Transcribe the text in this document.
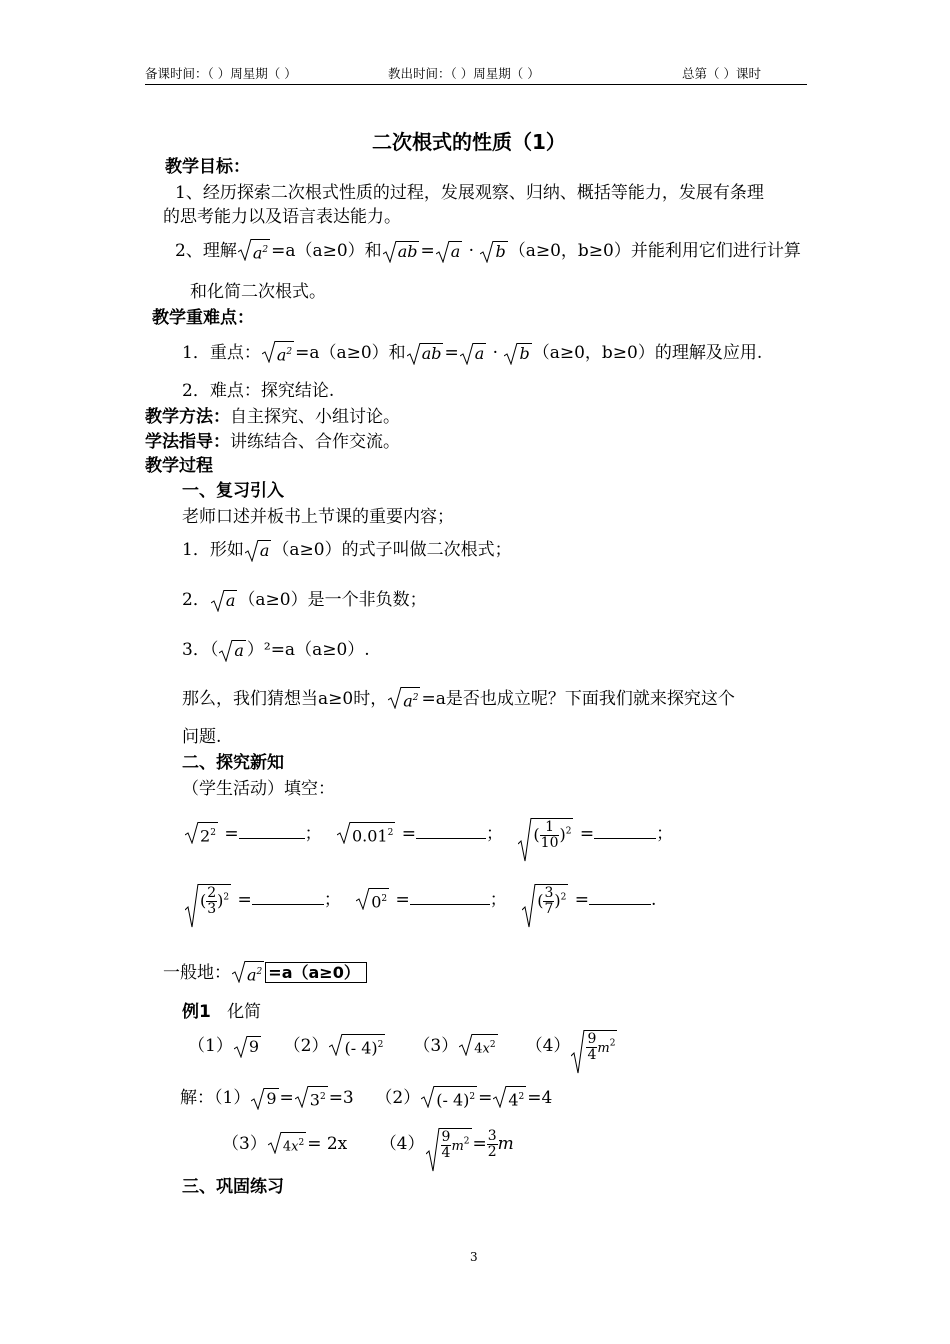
备课时间：（ ）周星期（ ）	教出时间：（ ）周星期（ ）	总第（ ）课时
二次根式的性质（1）
教学目标：
1、经历探索二次根式性质的过程，发展观察、归纳、概括等能力，发展有条理
的思考能力以及语言表达能力。
2、理解 $a^2 =a(a\ge 0)$和 ab = a ·
b （a≥0，b≥0）并能利用它们进行计算
和化简二次根式。
教学重难点：
1．重点： $a^2 =a(a\ge 0)$和 ab = a ·
b （a≥0，b≥0）的理解及应用.
2．难点：探究结论.
教学方法：自主探究、小组讨论。
学法指导：讲练结合、合作交流。
教学过程
一、复习引入
老师口述并板书上节课的重要内容；
1．形如 a （a≥0）的式子叫做二次根式；
2． a （a≥0）是一个非负数；
3．（ a ）²=a（a≥0）.
那么，我们猜想当a≥0时， $a^2 =a$是否也成立呢？下面我们就来探究这个
问题.
二、探究新知
（学生活动）填空：
$2^2$ =	；
$0.01^2$ =	；
( $\frac{1}{10} )^2$ =	；
( $\frac{2}{3} )^2$ =	；
$0^2$ =	；
( $\frac{3}{7} )^2$ =	.
一般地： $a^2 =a(a\ge 0)$
例1 化简
（1） 9 （2） (- 4)$^2$ （3） $4x^2$ $(4) \frac{9}{4} m^2$
解：（1） $9 = 3^2 =3$ （2） (- $4)^2 = 4^2 =4$
（3） $4x^2 = 2x$ $(4) \frac{9}{4} m^2 = \frac{3}{2}$ m
三、巩固练习
3
